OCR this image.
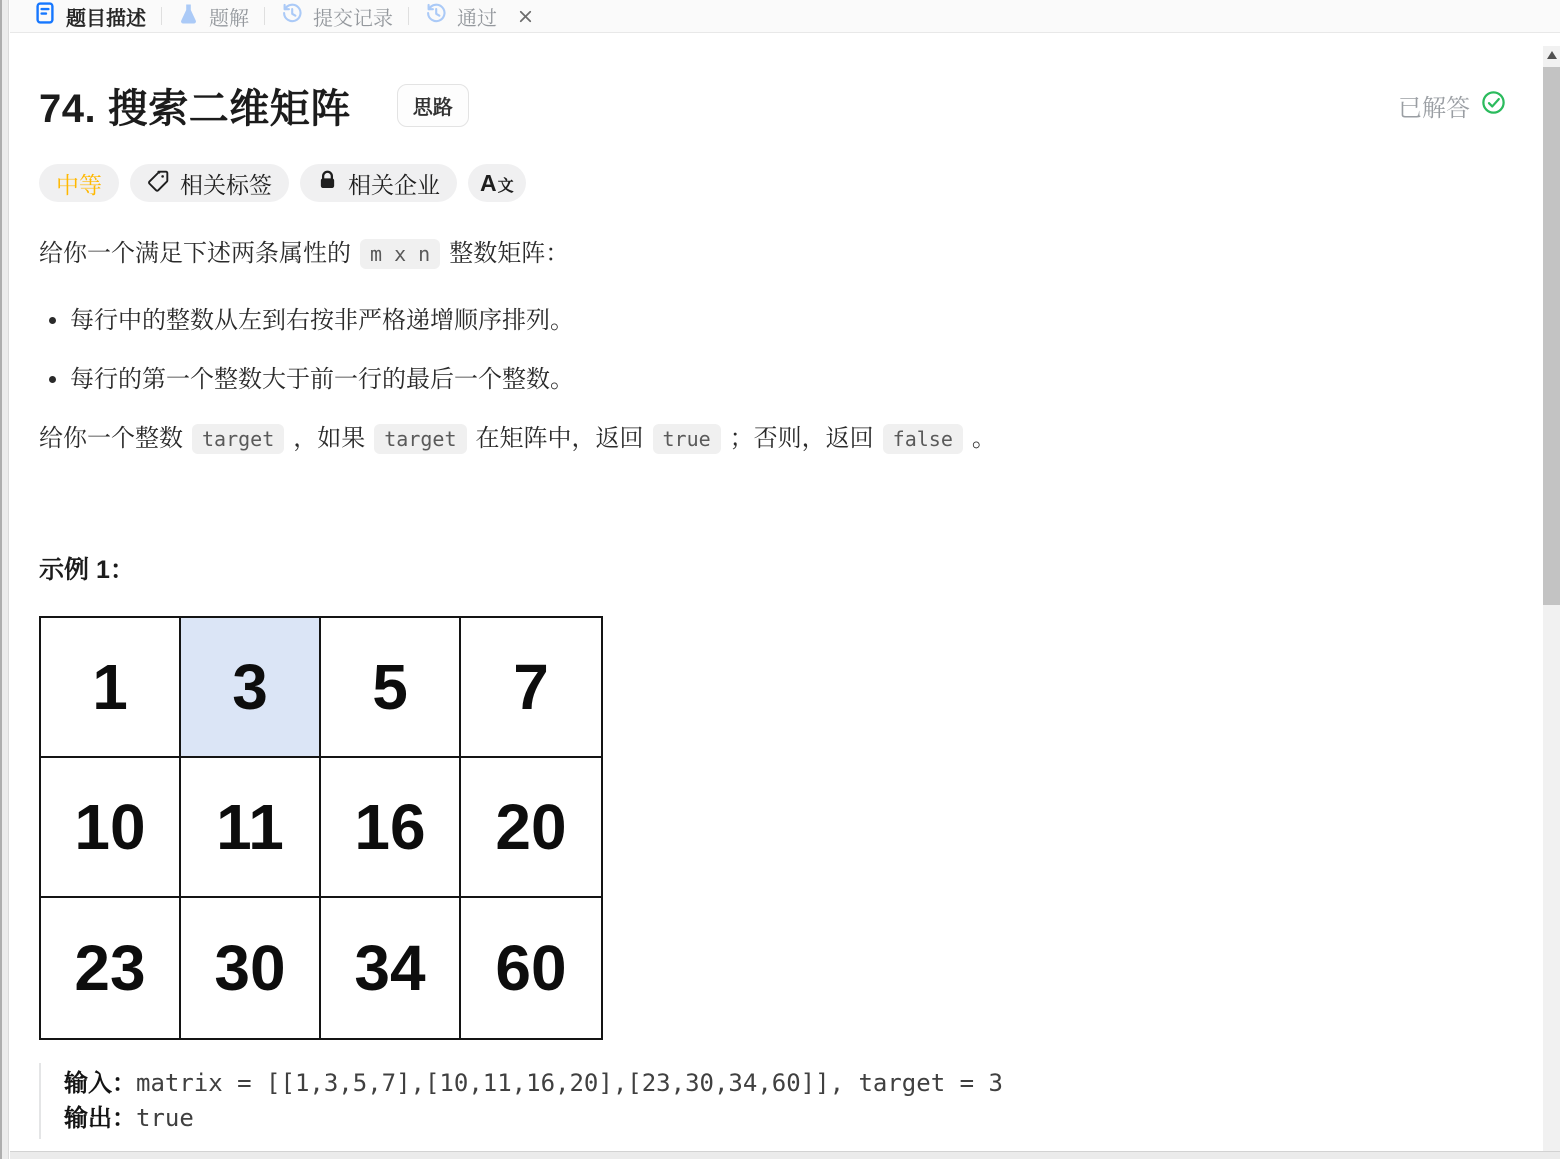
题目描述	题解	提交记录	通过
74. 搜索二维矩阵	思路	已解答
中等	相关标签	相关企业 A文

给你一个满足下述两条属性的 m x n 整数矩阵：

• 每行中的整数从左到右按非严格递增顺序排列。
• 每行的第一个整数大于前一行的最后一个整数。

给你一个整数 target ，如果 target 在矩阵中，返回 true ；否则，返回 false 。

示例 1：
1	3	5	7
10	11	16	20
23	30	34	60
输入：matrix = [[1,3,5,7],[10,11,16,20],[23,30,34,60]], target = 3
输出：true
